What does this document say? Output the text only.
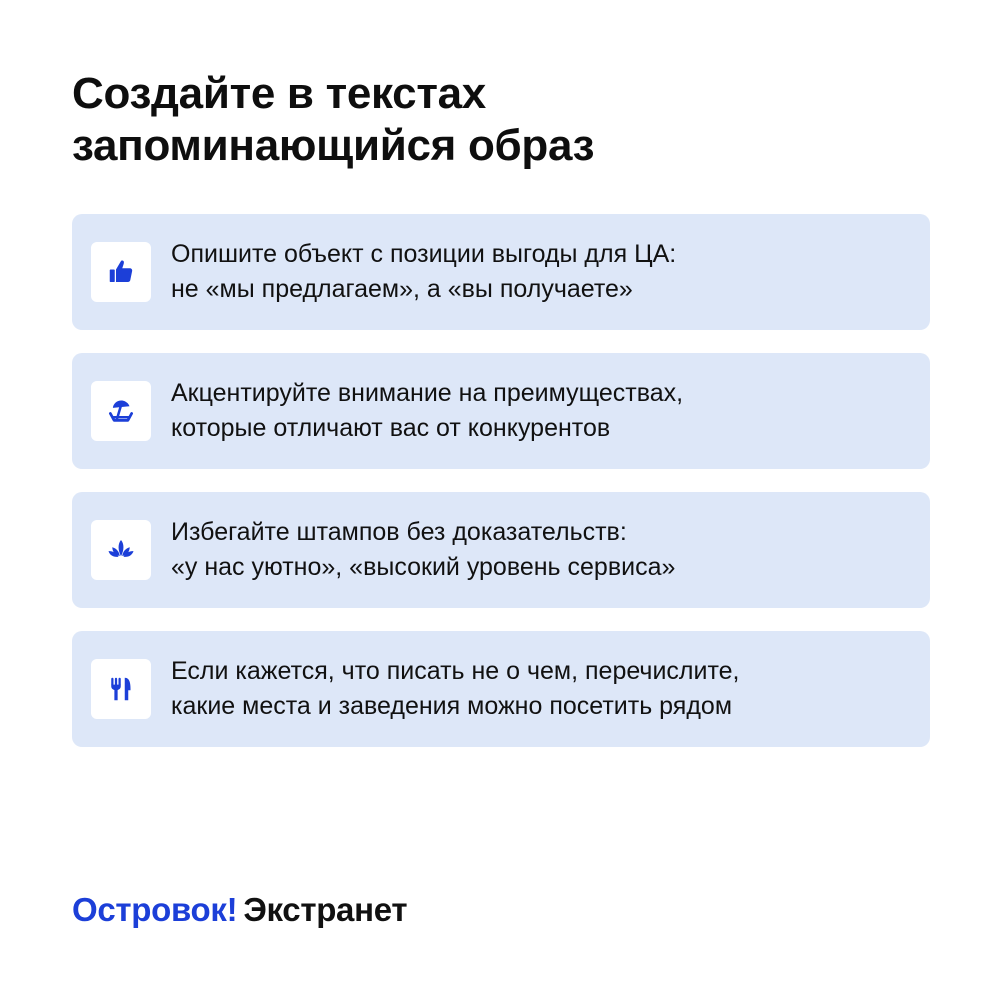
Создайте в текстах
запоминающийся образ
Опишите объект с позиции выгоды для ЦА:
не «мы предлагаем», а «вы получаете»
Акцентируйте внимание на преимуществах,
которые отличают вас от конкурентов
Избегайте штампов без доказательств:
«у нас уютно», «высокий уровень сервиса»
Если кажется, что писать не о чем, перечислите,
какие места и заведения можно посетить рядом
Островок! Экстранет
